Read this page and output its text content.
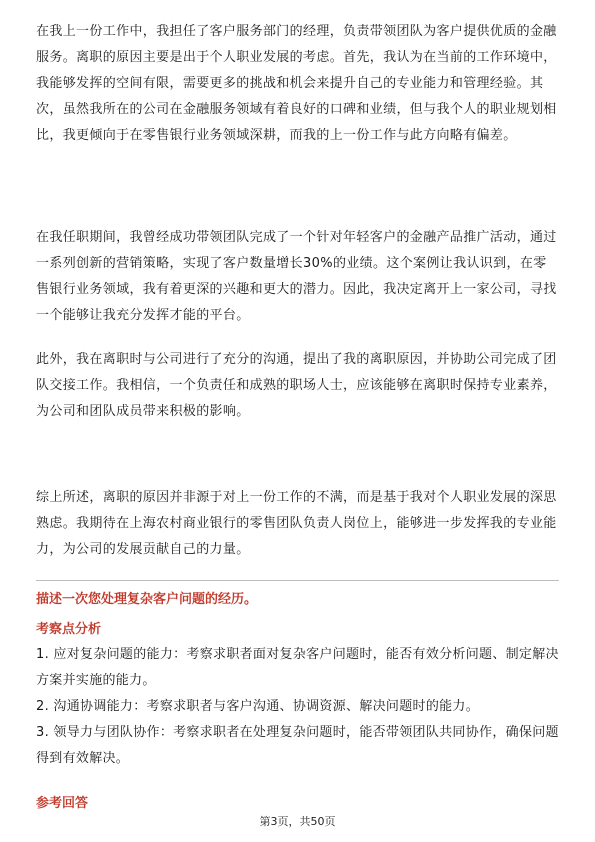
在我上一份工作中，我担任了客户服务部门的经理，负责带领团队为客户提供优质的金融服务。离职的原因主要是出于个人职业发展的考虑。首先，我认为在当前的工作环境中，我能够发挥的空间有限，需要更多的挑战和机会来提升自己的专业能力和管理经验。其次，虽然我所在的公司在金融服务领域有着良好的口碑和业绩，但与我个人的职业规划相比，我更倾向于在零售银行业务领域深耕，而我的上一份工作与此方向略有偏差。

在我任职期间，我曾经成功带领团队完成了一个针对年轻客户的金融产品推广活动，通过一系列创新的营销策略，实现了客户数量增长30%的业绩。这个案例让我认识到，在零售银行业务领域，我有着更深的兴趣和更大的潜力。因此，我决定离开上一家公司，寻找一个能够让我充分发挥才能的平台。

此外，我在离职时与公司进行了充分的沟通，提出了我的离职原因，并协助公司完成了团队交接工作。我相信，一个负责任和成熟的职场人士，应该能够在离职时保持专业素养，为公司和团队成员带来积极的影响。

综上所述，离职的原因并非源于对上一份工作的不满，而是基于我对个人职业发展的深思熟虑。我期待在上海农村商业银行的零售团队负责人岗位上，能够进一步发挥我的专业能力，为公司的发展贡献自己的力量。

描述一次您处理复杂客户问题的经历。

考察点分析

1. 应对复杂问题的能力：考察求职者面对复杂客户问题时，能否有效分析问题、制定解决方案并实施的能力。
2. 沟通协调能力：考察求职者与客户沟通、协调资源、解决问题时的能力。
3. 领导力与团队协作：考察求职者在处理复杂问题时，能否带领团队共同协作，确保问题得到有效解决。

参考回答

第3页，共50页
